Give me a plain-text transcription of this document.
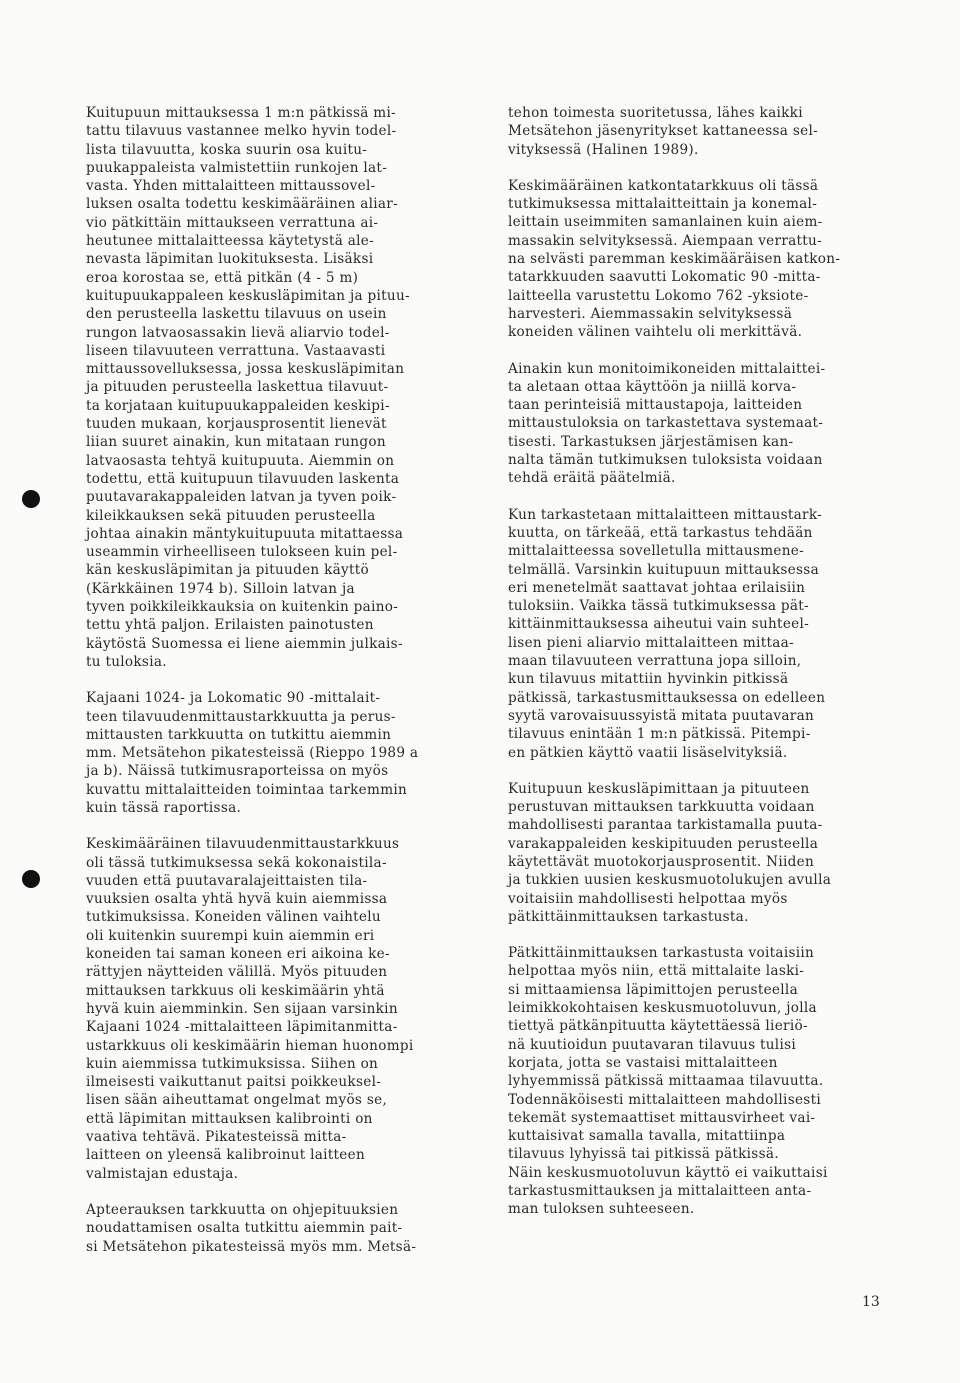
Kuitupuun mittauksessa 1 m:n pätkissä mi-
tattu tilavuus vastannee melko hyvin todel-
lista tilavuutta, koska suurin osa kuitu-
puukappaleista valmistettiin runkojen lat-
vasta. Yhden mittalaitteen mittaussovel-
luksen osalta todettu keskimääräinen aliar-
vio pätkittäin mittaukseen verrattuna ai-
heutunee mittalaitteessa käytetystä ale-
nevasta läpimitan luokituksesta. Lisäksi
eroa korostaa se, että pitkän (4 - 5 m)
kuitupuukappaleen keskusläpimitan ja pituu-
den perusteella laskettu tilavuus on usein
rungon latvaosassakin lievä aliarvio todel-
liseen tilavuuteen verrattuna. Vastaavasti
mittaussovelluksessa, jossa keskusläpimitan
ja pituuden perusteella laskettua tilavuut-
ta korjataan kuitupuukappaleiden keskipi-
tuuden mukaan, korjausprosentit lienevät
liian suuret ainakin, kun mitataan rungon
latvaosasta tehtyä kuitupuuta. Aiemmin on
todettu, että kuitupuun tilavuuden laskenta
puutavarakappaleiden latvan ja tyven poik-
kileikkauksen sekä pituuden perusteella
johtaa ainakin mäntykuitupuuta mitattaessa
useammin virheelliseen tulokseen kuin pel-
kän keskusläpimitan ja pituuden käyttö
(Kärkkäinen 1974 b). Silloin latvan ja
tyven poikkileikkauksia on kuitenkin paino-
tettu yhtä paljon. Erilaisten painotusten
käytöstä Suomessa ei liene aiemmin julkais-
tu tuloksia.

Kajaani 1024- ja Lokomatic 90 -mittalait-
teen tilavuudenmittaustarkkuutta ja perus-
mittausten tarkkuutta on tutkittu aiemmin
mm. Metsätehon pikatesteissä (Rieppo 1989 a
ja b). Näissä tutkimusraporteissa on myös
kuvattu mittalaitteiden toimintaa tarkemmin
kuin tässä raportissa.

Keskimääräinen tilavuudenmittaustarkkuus
oli tässä tutkimuksessa sekä kokonaistila-
vuuden että puutavaralajeittaisten tila-
vuuksien osalta yhtä hyvä kuin aiemmissa
tutkimuksissa. Koneiden välinen vaihtelu
oli kuitenkin suurempi kuin aiemmin eri
koneiden tai saman koneen eri aikoina ke-
rättyjen näytteiden välillä. Myös pituuden
mittauksen tarkkuus oli keskimäärin yhtä
hyvä kuin aiemminkin. Sen sijaan varsinkin
Kajaani 1024 -mittalaitteen läpimitanmitta-
ustarkkuus oli keskimäärin hieman huonompi
kuin aiemmissa tutkimuksissa. Siihen on
ilmeisesti vaikuttanut paitsi poikkeuksel-
lisen sään aiheuttamat ongelmat myös se,
että läpimitan mittauksen kalibrointi on
vaativa tehtävä. Pikatesteissä mitta-
laitteen on yleensä kalibroinut laitteen
valmistajan edustaja.

Apteerauksen tarkkuutta on ohjepituuksien
noudattamisen osalta tutkittu aiemmin pait-
si Metsätehon pikatesteissä myös mm. Metsä-

tehon toimesta suoritetussa, lähes kaikki
Metsätehon jäsenyritykset kattaneessa sel-
vityksessä (Halinen 1989).

Keskimääräinen katkontatarkkuus oli tässä
tutkimuksessa mittalaitteittain ja konemal-
leittain useimmiten samanlainen kuin aiem-
massakin selvityksessä. Aiempaan verrattu-
na selvästi paremman keskimääräisen katkon-
tatarkkuuden saavutti Lokomatic 90 -mitta-
laitteella varustettu Lokomo 762 -yksiote-
harvesteri. Aiemmassakin selvityksessä
koneiden välinen vaihtelu oli merkittävä.

Ainakin kun monitoimikoneiden mittalaittei-
ta aletaan ottaa käyttöön ja niillä korva-
taan perinteisiä mittaustapoja, laitteiden
mittaustuloksia on tarkastettava systemaat-
tisesti. Tarkastuksen järjestämisen kan-
nalta tämän tutkimuksen tuloksista voidaan
tehdä eräitä päätelmiä.

Kun tarkastetaan mittalaitteen mittaustark-
kuutta, on tärkeää, että tarkastus tehdään
mittalaitteessa sovelletulla mittausmene-
telmällä. Varsinkin kuitupuun mittauksessa
eri menetelmät saattavat johtaa erilaisiin
tuloksiin. Vaikka tässä tutkimuksessa pät-
kittäinmittauksessa aiheutui vain suhteel-
lisen pieni aliarvio mittalaitteen mittaa-
maan tilavuuteen verrattuna jopa silloin,
kun tilavuus mitattiin hyvinkin pitkissä
pätkissä, tarkastusmittauksessa on edelleen
syytä varovaisuussyistä mitata puutavaran
tilavuus enintään 1 m:n pätkissä. Pitempi-
en pätkien käyttö vaatii lisäselvityksiä.

Kuitupuun keskusläpimittaan ja pituuteen
perustuvan mittauksen tarkkuutta voidaan
mahdollisesti parantaa tarkistamalla puuta-
varakappaleiden keskipituuden perusteella
käytettävät muotokorjausprosentit. Niiden
ja tukkien uusien keskusmuotolukujen avulla
voitaisiin mahdollisesti helpottaa myös
pätkittäinmittauksen tarkastusta.

Pätkittäinmittauksen tarkastusta voitaisiin
helpottaa myös niin, että mittalaite laski-
si mittaamiensa läpimittojen perusteella
leimikkokohtaisen keskusmuotoluvun, jolla
tiettyä pätkänpituutta käytettäessä lieriö-
nä kuutioidun puutavaran tilavuus tulisi
korjata, jotta se vastaisi mittalaitteen
lyhyemmissä pätkissä mittaamaa tilavuutta.
Todennäköisesti mittalaitteen mahdollisesti
tekemät systemaattiset mittausvirheet vai-
kuttaisivat samalla tavalla, mitattiinpa
tilavuus lyhyissä tai pitkissä pätkissä.
Näin keskusmuotoluvun käyttö ei vaikuttaisi
tarkastusmittauksen ja mittalaitteen anta-
man tuloksen suhteeseen.

13
